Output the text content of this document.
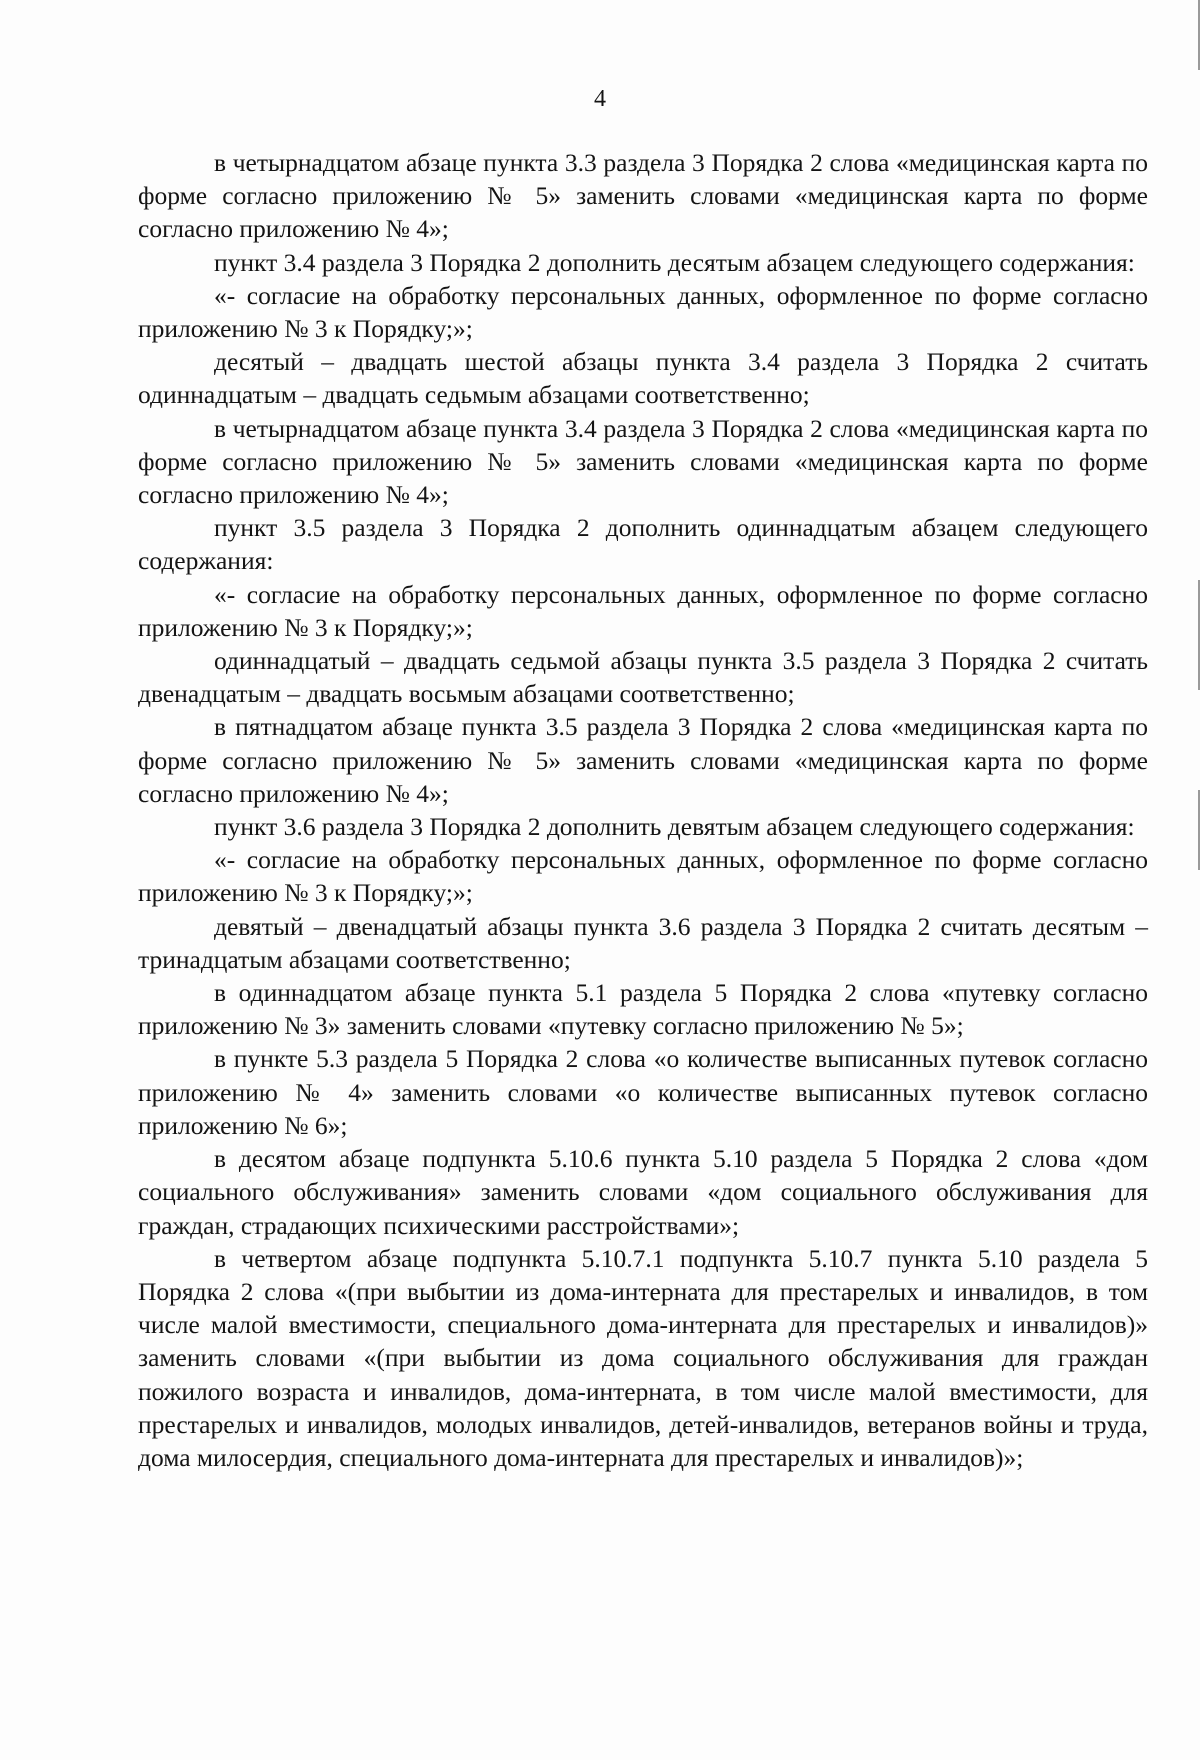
4

в четырнадцатом абзаце пункта 3.3 раздела 3 Порядка 2 слова «медицинская карта по форме согласно приложению № 5» заменить словами «медицинская карта по форме согласно приложению № 4»;

пункт 3.4 раздела 3 Порядка 2 дополнить десятым абзацем следующего содержания:

«- согласие на обработку персональных данных, оформленное по форме согласно приложению № 3 к Порядку;»;

десятый – двадцать шестой абзацы пункта 3.4 раздела 3 Порядка 2 считать одиннадцатым – двадцать седьмым абзацами соответственно;

в четырнадцатом абзаце пункта 3.4 раздела 3 Порядка 2 слова «медицинская карта по форме согласно приложению № 5» заменить словами «медицинская карта по форме согласно приложению № 4»;

пункт 3.5 раздела 3 Порядка 2 дополнить одиннадцатым абзацем следующего содержания:

«- согласие на обработку персональных данных, оформленное по форме согласно приложению № 3 к Порядку;»;

одиннадцатый – двадцать седьмой абзацы пункта 3.5 раздела 3 Порядка 2 считать двенадцатым – двадцать восьмым абзацами соответственно;

в пятнадцатом абзаце пункта 3.5 раздела 3 Порядка 2 слова «медицинская карта по форме согласно приложению № 5» заменить словами «медицинская карта по форме согласно приложению № 4»;

пункт 3.6 раздела 3 Порядка 2 дополнить девятым абзацем следующего содержания:

«- согласие на обработку персональных данных, оформленное по форме согласно приложению № 3 к Порядку;»;

девятый – двенадцатый абзацы пункта 3.6 раздела 3 Порядка 2 считать десятым – тринадцатым абзацами соответственно;

в одиннадцатом абзаце пункта 5.1 раздела 5 Порядка 2 слова «путевку согласно приложению № 3» заменить словами «путевку согласно приложению № 5»;

в пункте 5.3 раздела 5 Порядка 2 слова «о количестве выписанных путевок согласно приложению № 4» заменить словами «о количестве выписанных путевок согласно приложению № 6»;

в десятом абзаце подпункта 5.10.6 пункта 5.10 раздела 5 Порядка 2 слова «дом социального обслуживания» заменить словами «дом социального обслуживания для граждан, страдающих психическими расстройствами»;

в четвертом абзаце подпункта 5.10.7.1 подпункта 5.10.7 пункта 5.10 раздела 5 Порядка 2 слова «(при выбытии из дома-интерната для престарелых и инвалидов, в том числе малой вместимости, специального дома-интерната для престарелых и инвалидов)» заменить словами «(при выбытии из дома социального обслуживания для граждан пожилого возраста и инвалидов, дома-интерната, в том числе малой вместимости, для престарелых и инвалидов, молодых инвалидов, детей-инвалидов, ветеранов войны и труда, дома милосердия, специального дома-интерната для престарелых и инвалидов)»;
